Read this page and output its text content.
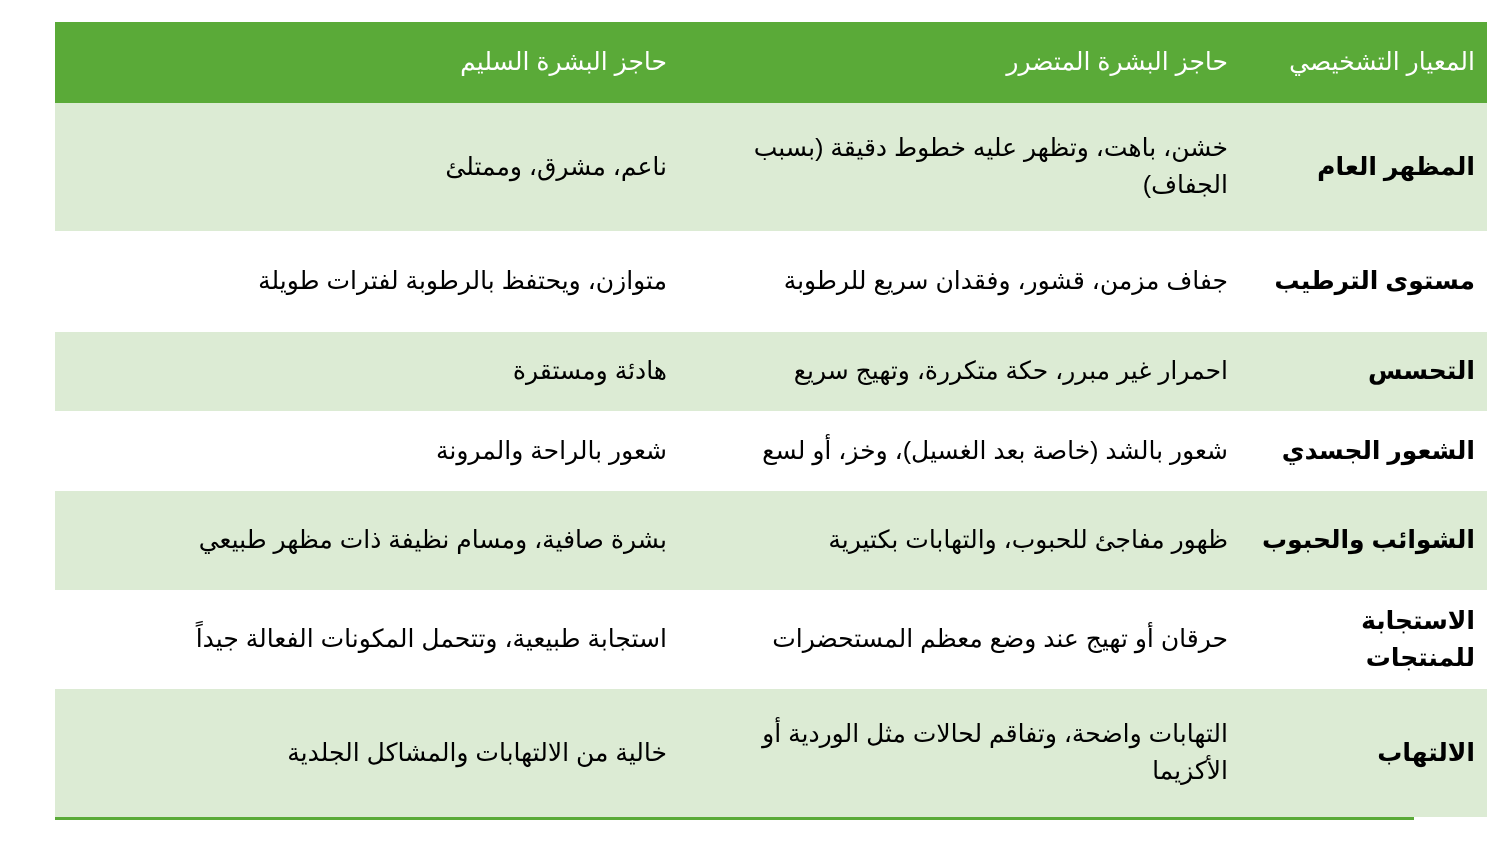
المعيار التشخيصي	حاجز البشرة المتضرر	حاجز البشرة السليم
المظهر العام	خشن، باهت، وتظهر عليه خطوط دقيقة (بسبب الجفاف)	ناعم، مشرق، وممتلئ
مستوى الترطيب	جفاف مزمن، قشور، وفقدان سريع للرطوبة	متوازن، ويحتفظ بالرطوبة لفترات طويلة
التحسس	احمرار غير مبرر، حكة متكررة، وتهيج سريع	هادئة ومستقرة
الشعور الجسدي	شعور بالشد (خاصة بعد الغسيل)، وخز، أو لسع	شعور بالراحة والمرونة
الشوائب والحبوب	ظهور مفاجئ للحبوب، والتهابات بكتيرية	بشرة صافية، ومسام نظيفة ذات مظهر طبيعي
الاستجابة للمنتجات	حرقان أو تهيج عند وضع معظم المستحضرات	استجابة طبيعية، وتتحمل المكونات الفعالة جيداً
الالتهاب	التهابات واضحة، وتفاقم لحالات مثل الوردية أو الأكزيما	خالية من الالتهابات والمشاكل الجلدية
